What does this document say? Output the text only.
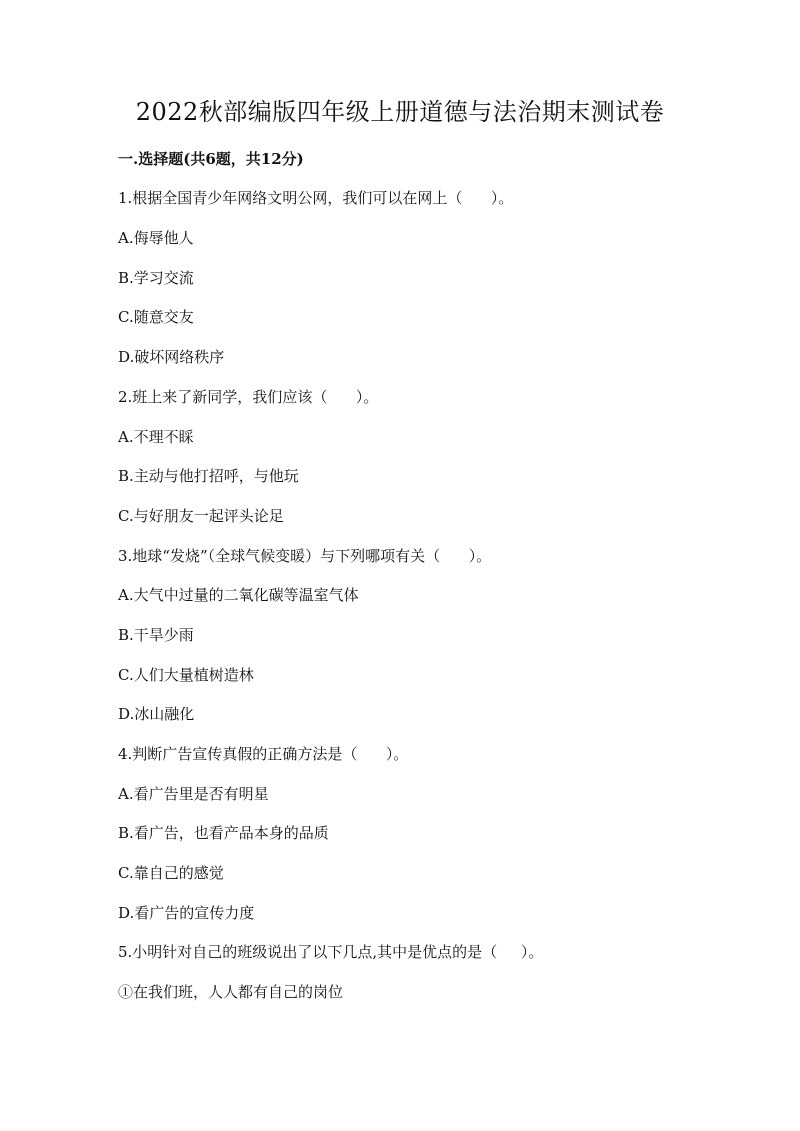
2022秋部编版四年级上册道德与法治期末测试卷
一.选择题(共6题，共12分)
1.根据全国青少年网络文明公网，我们可以在网上（      ）。
A.侮辱他人
B.学习交流
C.随意交友
D.破坏网络秩序
2.班上来了新同学，我们应该（      ）。
A.不理不睬
B.主动与他打招呼，与他玩
C.与好朋友一起评头论足
3.地球“发烧”（全球气候变暖）与下列哪项有关（      ）。
A.大气中过量的二氧化碳等温室气体
B.干旱少雨
C.人们大量植树造林
D.冰山融化
4.判断广告宣传真假的正确方法是（      ）。
A.看广告里是否有明星
B.看广告，也看产品本身的品质
C.靠自己的感觉
D.看广告的宣传力度
5.小明针对自己的班级说出了以下几点,其中是优点的是（     ）。
①在我们班，人人都有自己的岗位
